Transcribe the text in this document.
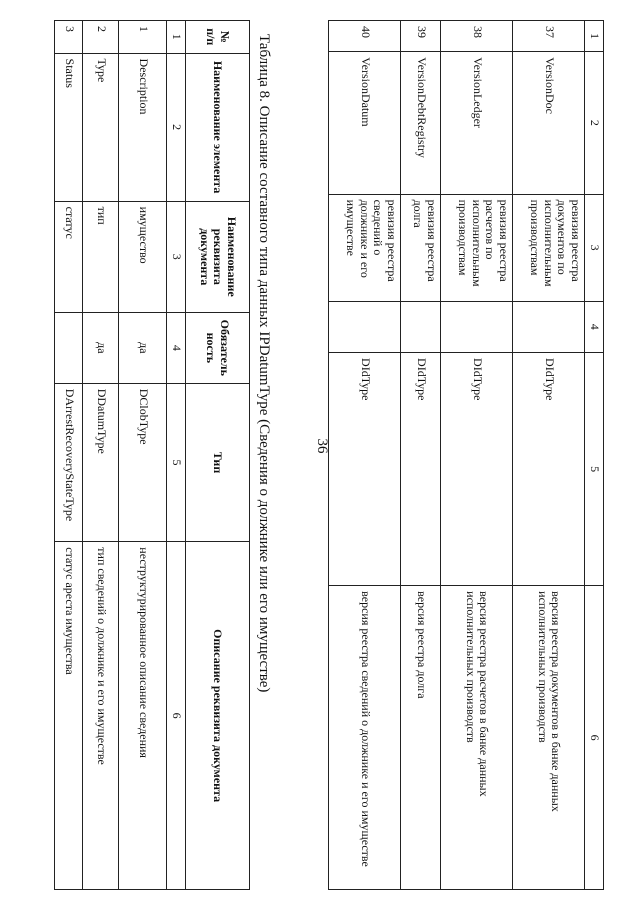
36
1	2	3	4	5	6
37	VersionDoc	ревизия реестра документов по исполнительным производствам		DIdType	версия реестра документов в банке данных исполнительных производств
38	VersionLedger	ревизия реестра расчетов по исполнительным производствам		DIdType	версия реестра расчетов в банке данных исполнительных производств
39	VersionDebtRegistry	ревизия реестра долга		DIdType	версия реестра долга
40	VersionDatum	ревизия реестра сведений о должнике и его имуществе		DIdType	версия реестра сведений о должнике и его имуществе
Таблица 8. Описание составного типа данных IPDatumType (Сведения о должнике или его имуществе)
№ п/п	Наименование элемента	Наименование реквизита документа	Обязатель ность	Тип	Описание реквизита документа
1	2	3	4	5	6
1	Description	имущество	да	DClobType	неструктурированное описание сведения
2	Type	тип	да	DDatumType	тип сведений о должнике и его имуществе
3	Status	статус		DArrestRecoveryStateType	статус ареста имущества
